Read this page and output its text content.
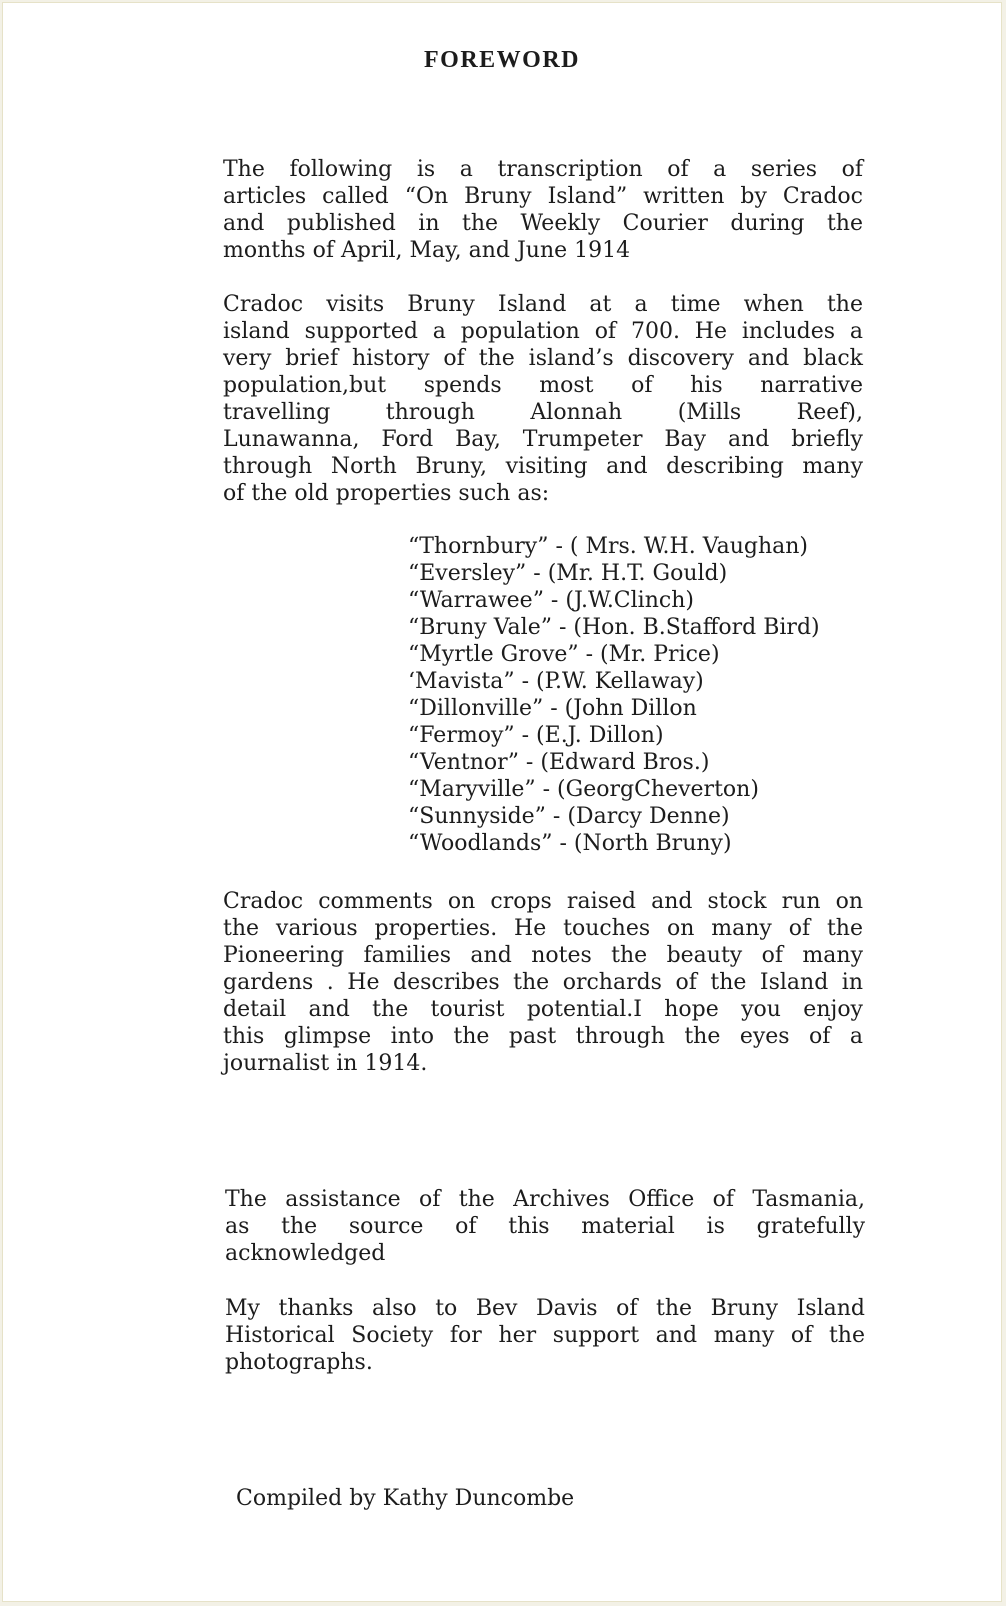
FOREWORD
The following is a transcription of a series of
articles called “On Bruny Island” written by Cradoc
and published in the Weekly Courier during the
months of April, May, and June 1914
Cradoc visits Bruny Island at a time when the
island supported a population of 700. He includes a
very brief history of the island’s discovery and black
population,but spends most of his narrative
travelling through Alonnah (Mills Reef),
Lunawanna, Ford Bay, Trumpeter Bay and briefly
through North Bruny, visiting and describing many
of the old properties such as:
“Thornbury” - ( Mrs. W.H. Vaughan)
“Eversley” - (Mr. H.T. Gould)
“Warrawee” - (J.W.Clinch)
“Bruny Vale” - (Hon. B.Stafford Bird)
“Myrtle Grove” - (Mr. Price)
‘Mavista” - (P.W. Kellaway)
“Dillonville” - (John Dillon
“Fermoy” - (E.J. Dillon)
“Ventnor” - (Edward Bros.)
“Maryville” - (GeorgCheverton)
“Sunnyside” - (Darcy Denne)
“Woodlands” - (North Bruny)
Cradoc comments on crops raised and stock run on
the various properties. He touches on many of the
Pioneering families and notes the beauty of many
gardens . He describes the orchards of the Island in
detail and the tourist potential.I hope you enjoy
this glimpse into the past through the eyes of a
journalist in 1914.
The assistance of the Archives Office of Tasmania,
as the source of this material is gratefully
acknowledged
My thanks also to Bev Davis of the Bruny Island
Historical Society for her support and many of the
photographs.
Compiled by Kathy Duncombe
